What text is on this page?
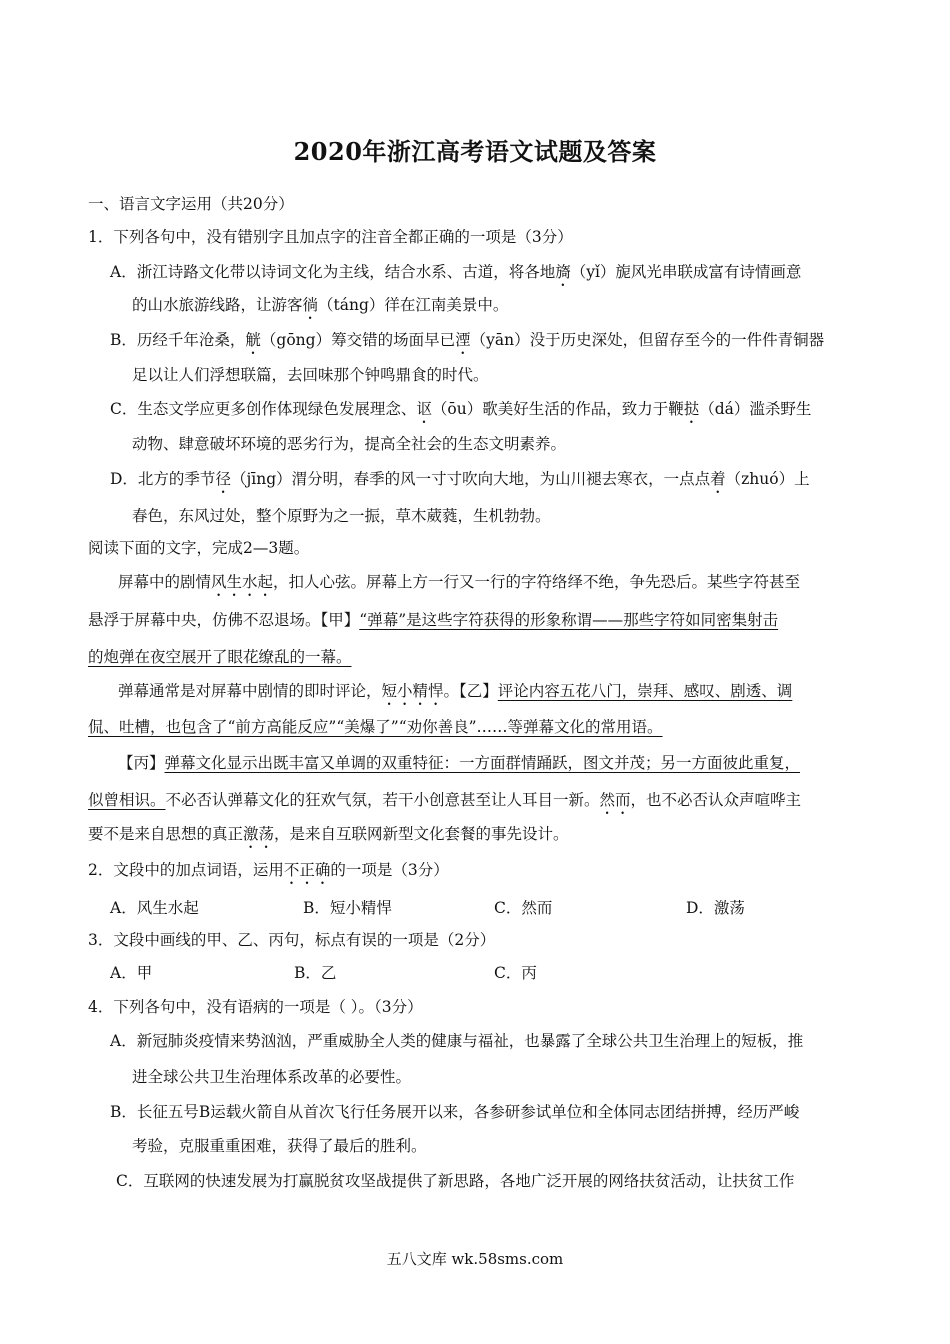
2020年浙江高考语文试题及答案
一、语言文字运用（共20分）
1．下列各句中，没有错别字且加点字的注音全都正确的一项是（3分）
A．浙江诗路文化带以诗词文化为主线，结合水系、古道，将各地旖（yǐ）旎风光串联成富有诗情画意
的山水旅游线路，让游客徜（táng）徉在江南美景中。
B．历经千年沧桑，觥（gōng）筹交错的场面早已湮（yān）没于历史深处，但留存至今的一件件青铜器
足以让人们浮想联篇，去回味那个钟鸣鼎食的时代。
C．生态文学应更多创作体现绿色发展理念、讴（ōu）歌美好生活的作品，致力于鞭挞（dá）滥杀野生
动物、肆意破坏环境的恶劣行为，提高全社会的生态文明素养。
D．北方的季节径（jīng）渭分明，春季的风一寸寸吹向大地，为山川褪去寒衣，一点点着（zhuó）上
春色，东风过处，整个原野为之一振，草木葳蕤，生机勃勃。
阅读下面的文字，完成2—3题。
屏幕中的剧情风生水起，扣人心弦。屏幕上方一行又一行的字符络绎不绝，争先恐后。某些字符甚至
悬浮于屏幕中央，仿佛不忍退场。【甲】“弹幕”是这些字符获得的形象称谓——那些字符如同密集射击
的炮弹在夜空展开了眼花缭乱的一幕。
弹幕通常是对屏幕中剧情的即时评论，短小精悍。【乙】评论内容五花八门，崇拜、感叹、剧透、调
侃、吐槽，也包含了“前方高能反应”“美爆了”“劝你善良”……等弹幕文化的常用语。
【丙】弹幕文化显示出既丰富又单调的双重特征：一方面群情踊跃，图文并茂；另一方面彼此重复，
似曾相识。不必否认弹幕文化的狂欢气氛，若干小创意甚至让人耳目一新。然而，也不必否认众声喧哗主
要不是来自思想的真正激荡，是来自互联网新型文化套餐的事先设计。
2．文段中的加点词语，运用不正确的一项是（3分）
A．风生水起	B．短小精悍	C．然而	D．激荡
3．文段中画线的甲、乙、丙句，标点有误的一项是（2分）
A．甲	B．乙	C．丙
4．下列各句中，没有语病的一项是（ ）。（3分）
A．新冠肺炎疫情来势汹汹，严重威胁全人类的健康与福祉，也暴露了全球公共卫生治理上的短板，推
进全球公共卫生治理体系改革的必要性。
B．长征五号B运载火箭自从首次飞行任务展开以来，各参研参试单位和全体同志团结拼搏，经历严峻
考验，克服重重困难，获得了最后的胜利。
C．互联网的快速发展为打赢脱贫攻坚战提供了新思路，各地广泛开展的网络扶贫活动，让扶贫工作
五八文库 wk.58sms.com
